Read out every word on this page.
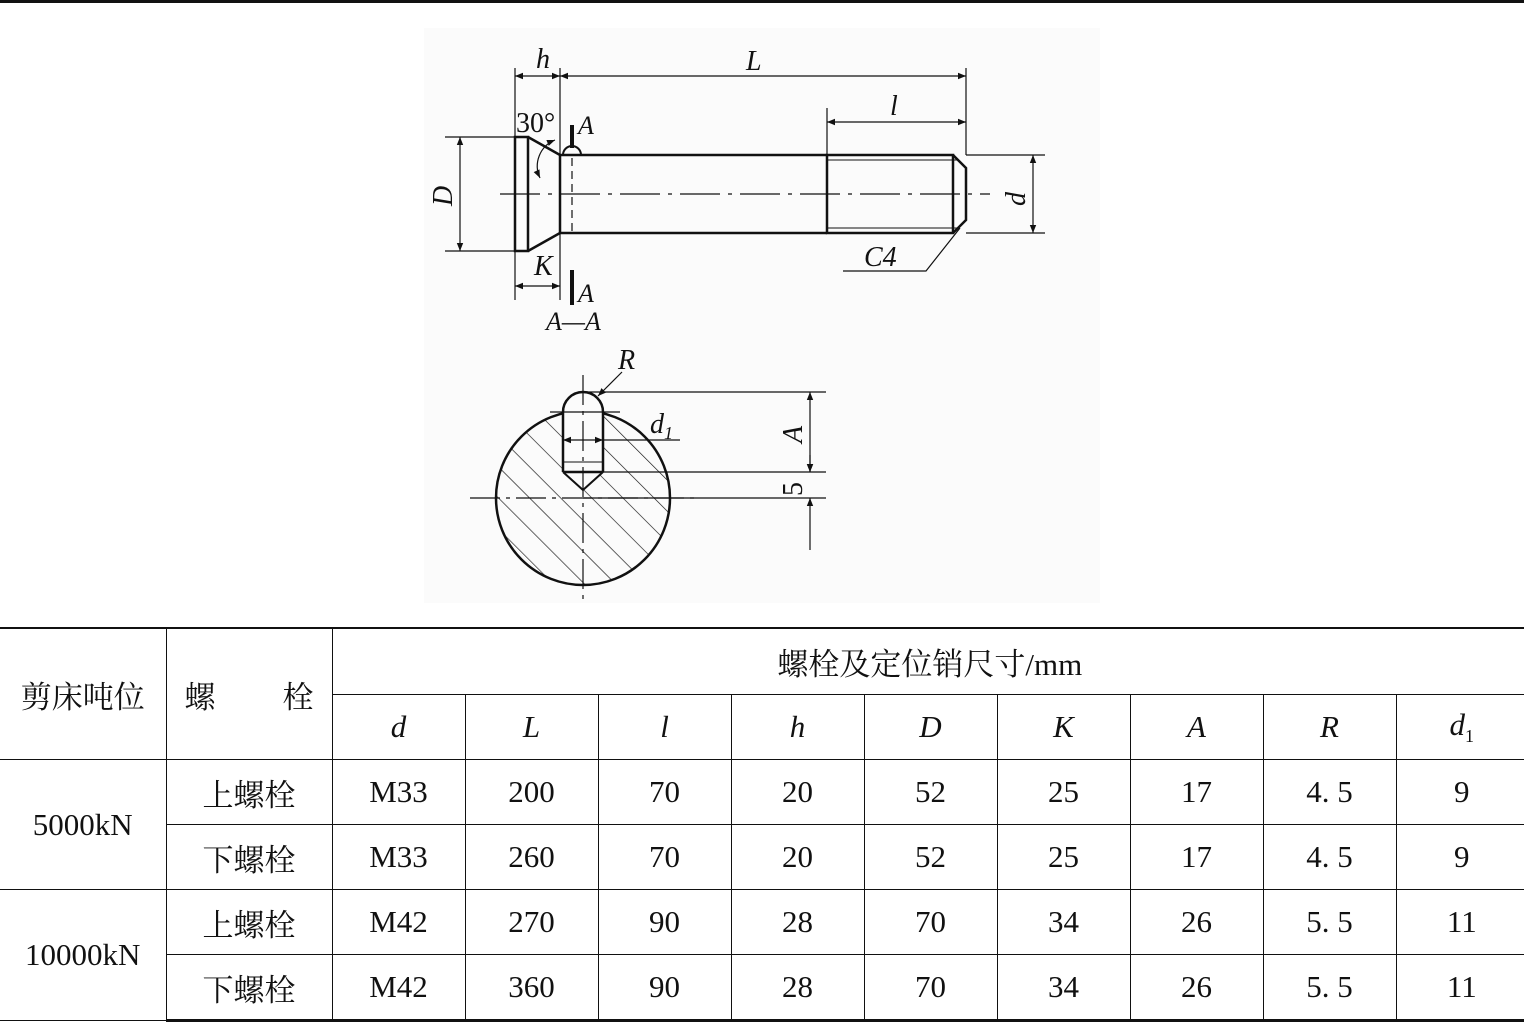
h	L
l
30° A
D	d
K
A
C4
A—A
R
$d_1$	A
5
剪床吨位	螺 栓	螺栓及定位销尺寸/mm								
		d	L	l	h	D	K	A	R	$d_1$
5000kN	上螺栓	M33	200	70	20	52	25	17	4. 5	9
	下螺栓	M33	260	70	20	52	25	17	4. 5	9
10000kN	上螺栓	M42	270	90	28	70	34	26	5. 5	11
	下螺栓	M42	360	90	28	70	34	26	5. 5	11
